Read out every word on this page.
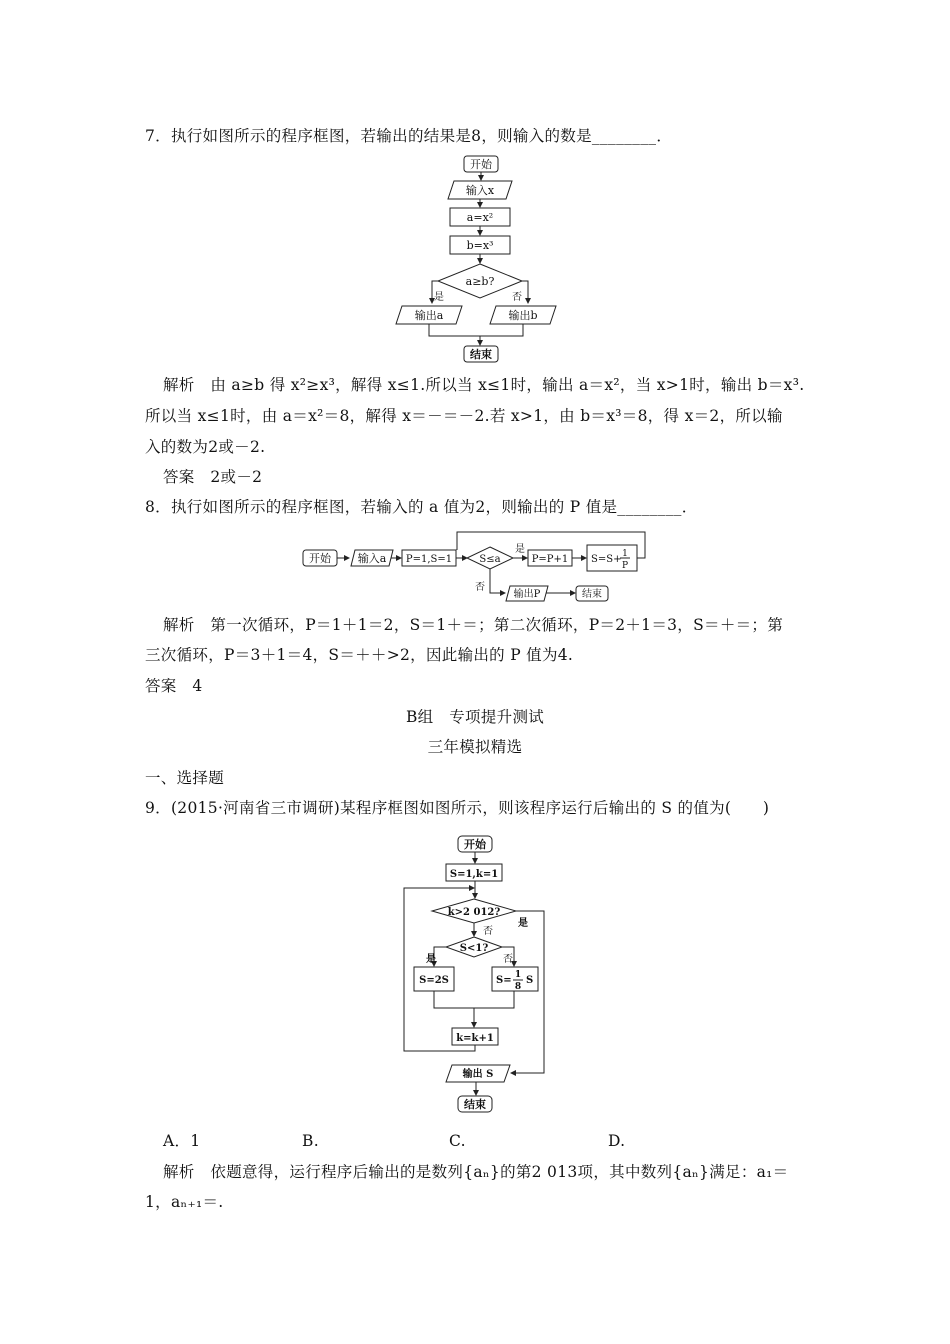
7．执行如图所示的程序框图，若输出的结果是8，则输入的数是________．
开始
输入x
a=x²
b=x³
a≥b?
是	否
输出a	输出b
结束
解析　由 a≥b 得 x²≥x³，解得 x≤1.所以当 x≤1时，输出 a＝x²，当 x>1时，输出 b＝x³.
所以当 x≤1时，由 a＝x²＝8，解得 x＝－＝－2.若 x>1，由 b＝x³＝8，得 x＝2，所以输
入的数为2或－2.
答案　2或－2
8．执行如图所示的程序框图，若输入的 a 值为2，则输出的 P 值是________．
开始 输入a P=1,S=1	S≤a
是
P=P+1 S=S+ 1
P
否
输出P	结束
解析　第一次循环，P＝1＋1＝2，S＝1＋＝；第二次循环，P＝2＋1＝3，S＝＋＝；第
三次循环，P＝3＋1＝4，S＝＋＋>2，因此输出的 P 值为4.
答案　4
B组　专项提升测试
三年模拟精选
一、选择题
9．(2015·河南省三市调研)某程序框图如图所示，则该程序运行后输出的 S 的值为(　　)
开始
S=1,k=1
k>2 012?
是
否
S<1?
是	否
S=2S	S= 1
8
S
k=k+1
输出 S
结束
A．1	B.	C.	D.
解析　依题意得，运行程序后输出的是数列{aₙ}的第2 013项，其中数列{aₙ}满足：a₁＝
1，aₙ₊₁＝.
